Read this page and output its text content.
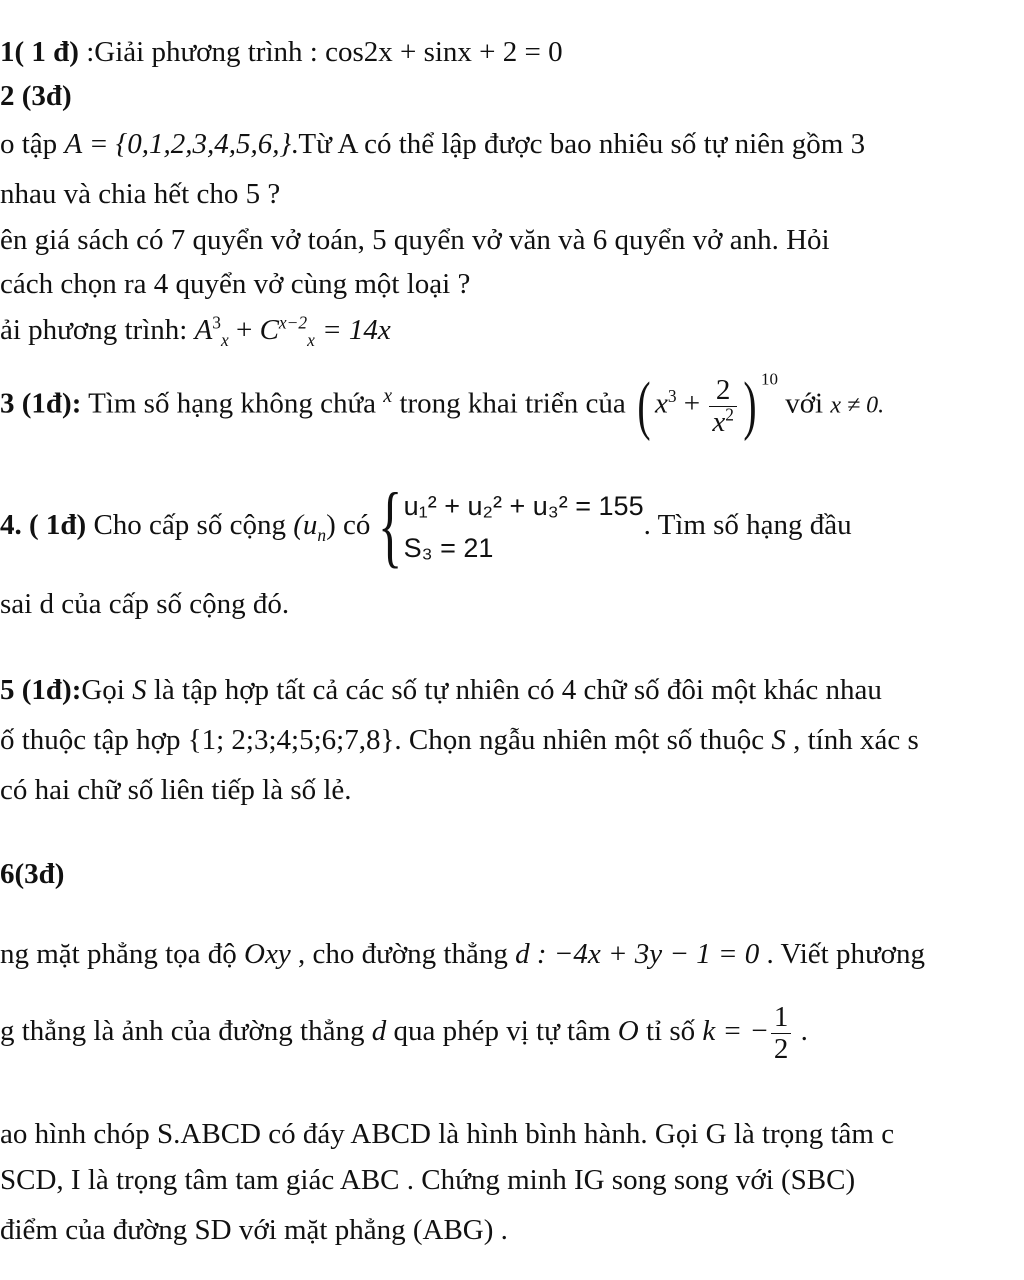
1( 1 đ) :Giải phương trình : cos2x + sinx + 2 = 0
2 (3đ)
o tập A = {0,1,2,3,4,5,6,}.Từ A có thể lập được bao nhiêu số tự niên gồm 3
nhau và chia hết cho 5 ?
ên giá sách có 7 quyển vở toán, 5 quyển vở văn và 6 quyển vở anh. Hỏi
cách chọn ra 4 quyển vở cùng một loại ?
ải phương trình: $A^3_x + C^{x-2}_x = 14x$
3 (1đ): Tìm số hạng không chứa $^x$ trong khai triển của ( $x^3 + \frac{2}{x^2}$ ) $^{10}$ với x ≠ 0.
4. ( 1đ) Cho cấp số cộng $(u_n)$ có { u₁² + u₂² + u₃² = 155
S₃ = 21
. Tìm số hạng đầu
sai d của cấp số cộng đó.
5 (1đ):Gọi S là tập hợp tất cả các số tự nhiên có 4 chữ số đôi một khác nhau
ố thuộc tập hợp {1; 2;3;4;5;6;7,8}. Chọn ngẫu nhiên một số thuộc S , tính xác s
có hai chữ số liên tiếp là số lẻ.
6(3đ)
ng mặt phẳng tọa độ Oxy , cho đường thẳng d : −4x + 3y − 1 = 0 . Viết phương
g thẳng là ảnh của đường thẳng d qua phép vị tự tâm O tỉ số k = − $\frac{1}{2}$ .
ao hình chóp S.ABCD có đáy ABCD là hình bình hành. Gọi G là trọng tâm c
SCD, I là trọng tâm tam giác ABC . Chứng minh IG song song với (SBC)
điểm của đường SD với mặt phẳng (ABG) .
